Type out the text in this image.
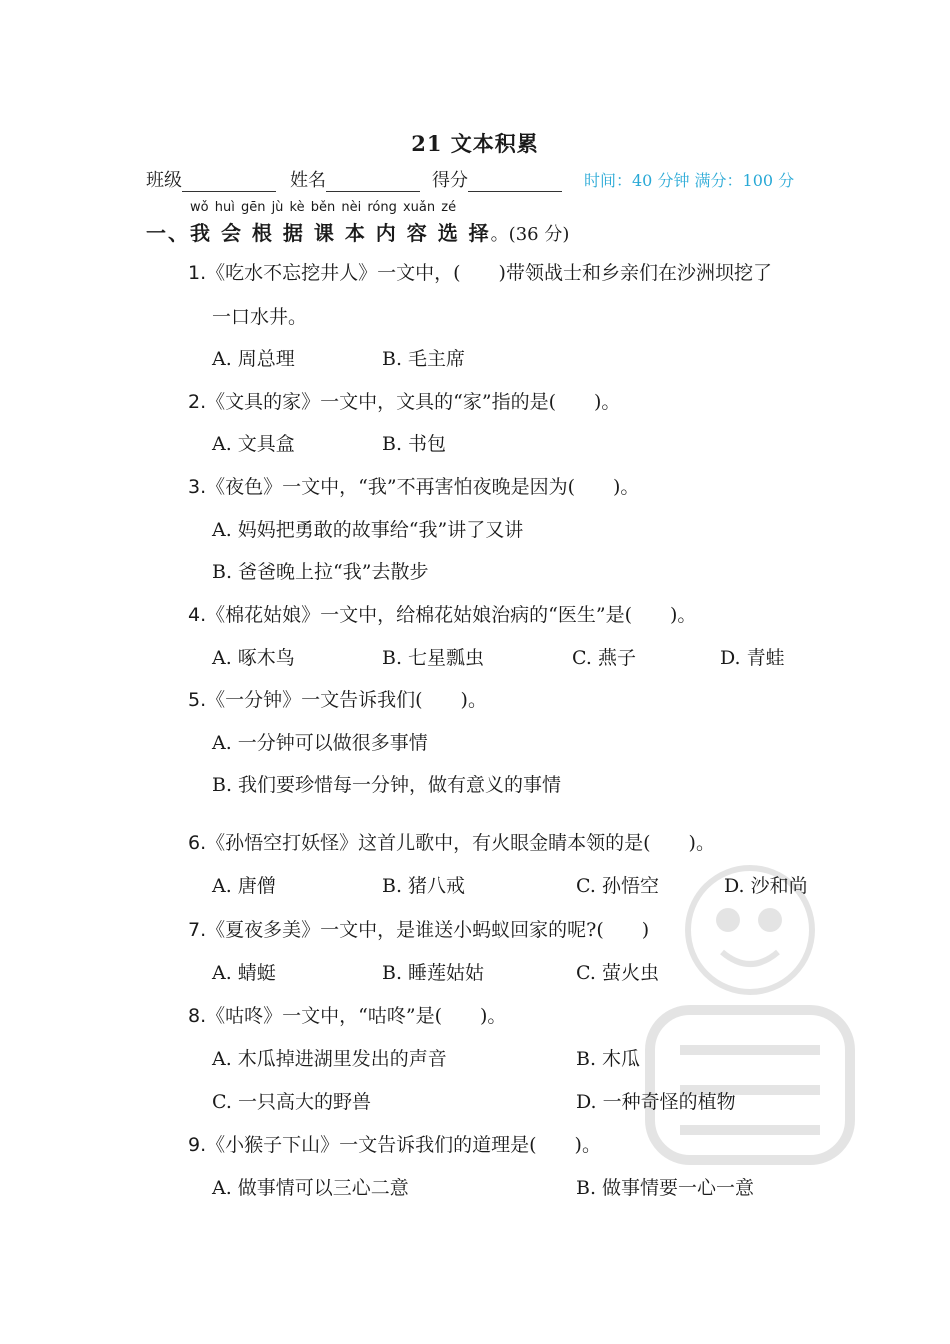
21 文本积累
班级	姓名	得分	时间：40 分钟 满分：100 分
wǒ huì gēn jù kè běn nèi róng xuǎn zé
一、我 会 根 据 课 本 内 容 选 择。(36 分)
1.《吃水不忘挖井人》一文中，(　　)带领战士和乡亲们在沙洲坝挖了
一口水井。
A. 周总理	B. 毛主席
2.《文具的家》一文中，文具的“家”指的是(　　)。
A. 文具盒	B. 书包
3.《夜色》一文中，“我”不再害怕夜晚是因为(　　)。
A. 妈妈把勇敢的故事给“我”讲了又讲
B. 爸爸晚上拉“我”去散步
4.《棉花姑娘》一文中，给棉花姑娘治病的“医生”是(　　)。
A. 啄木鸟	B. 七星瓢虫	C. 燕子	D. 青蛙
5.《一分钟》一文告诉我们(　　)。
A. 一分钟可以做很多事情
B. 我们要珍惜每一分钟，做有意义的事情
6.《孙悟空打妖怪》这首儿歌中，有火眼金睛本领的是(　　)。
A. 唐僧	B. 猪八戒	C. 孙悟空	D. 沙和尚
7.《夏夜多美》一文中，是谁送小蚂蚁回家的呢?(　　)
A. 蜻蜓	B. 睡莲姑姑	C. 萤火虫
8.《咕咚》一文中，“咕咚”是(　　)。
A. 木瓜掉进湖里发出的声音	B. 木瓜
C. 一只高大的野兽	D. 一种奇怪的植物
9.《小猴子下山》一文告诉我们的道理是(　　)。
A. 做事情可以三心二意	B. 做事情要一心一意
